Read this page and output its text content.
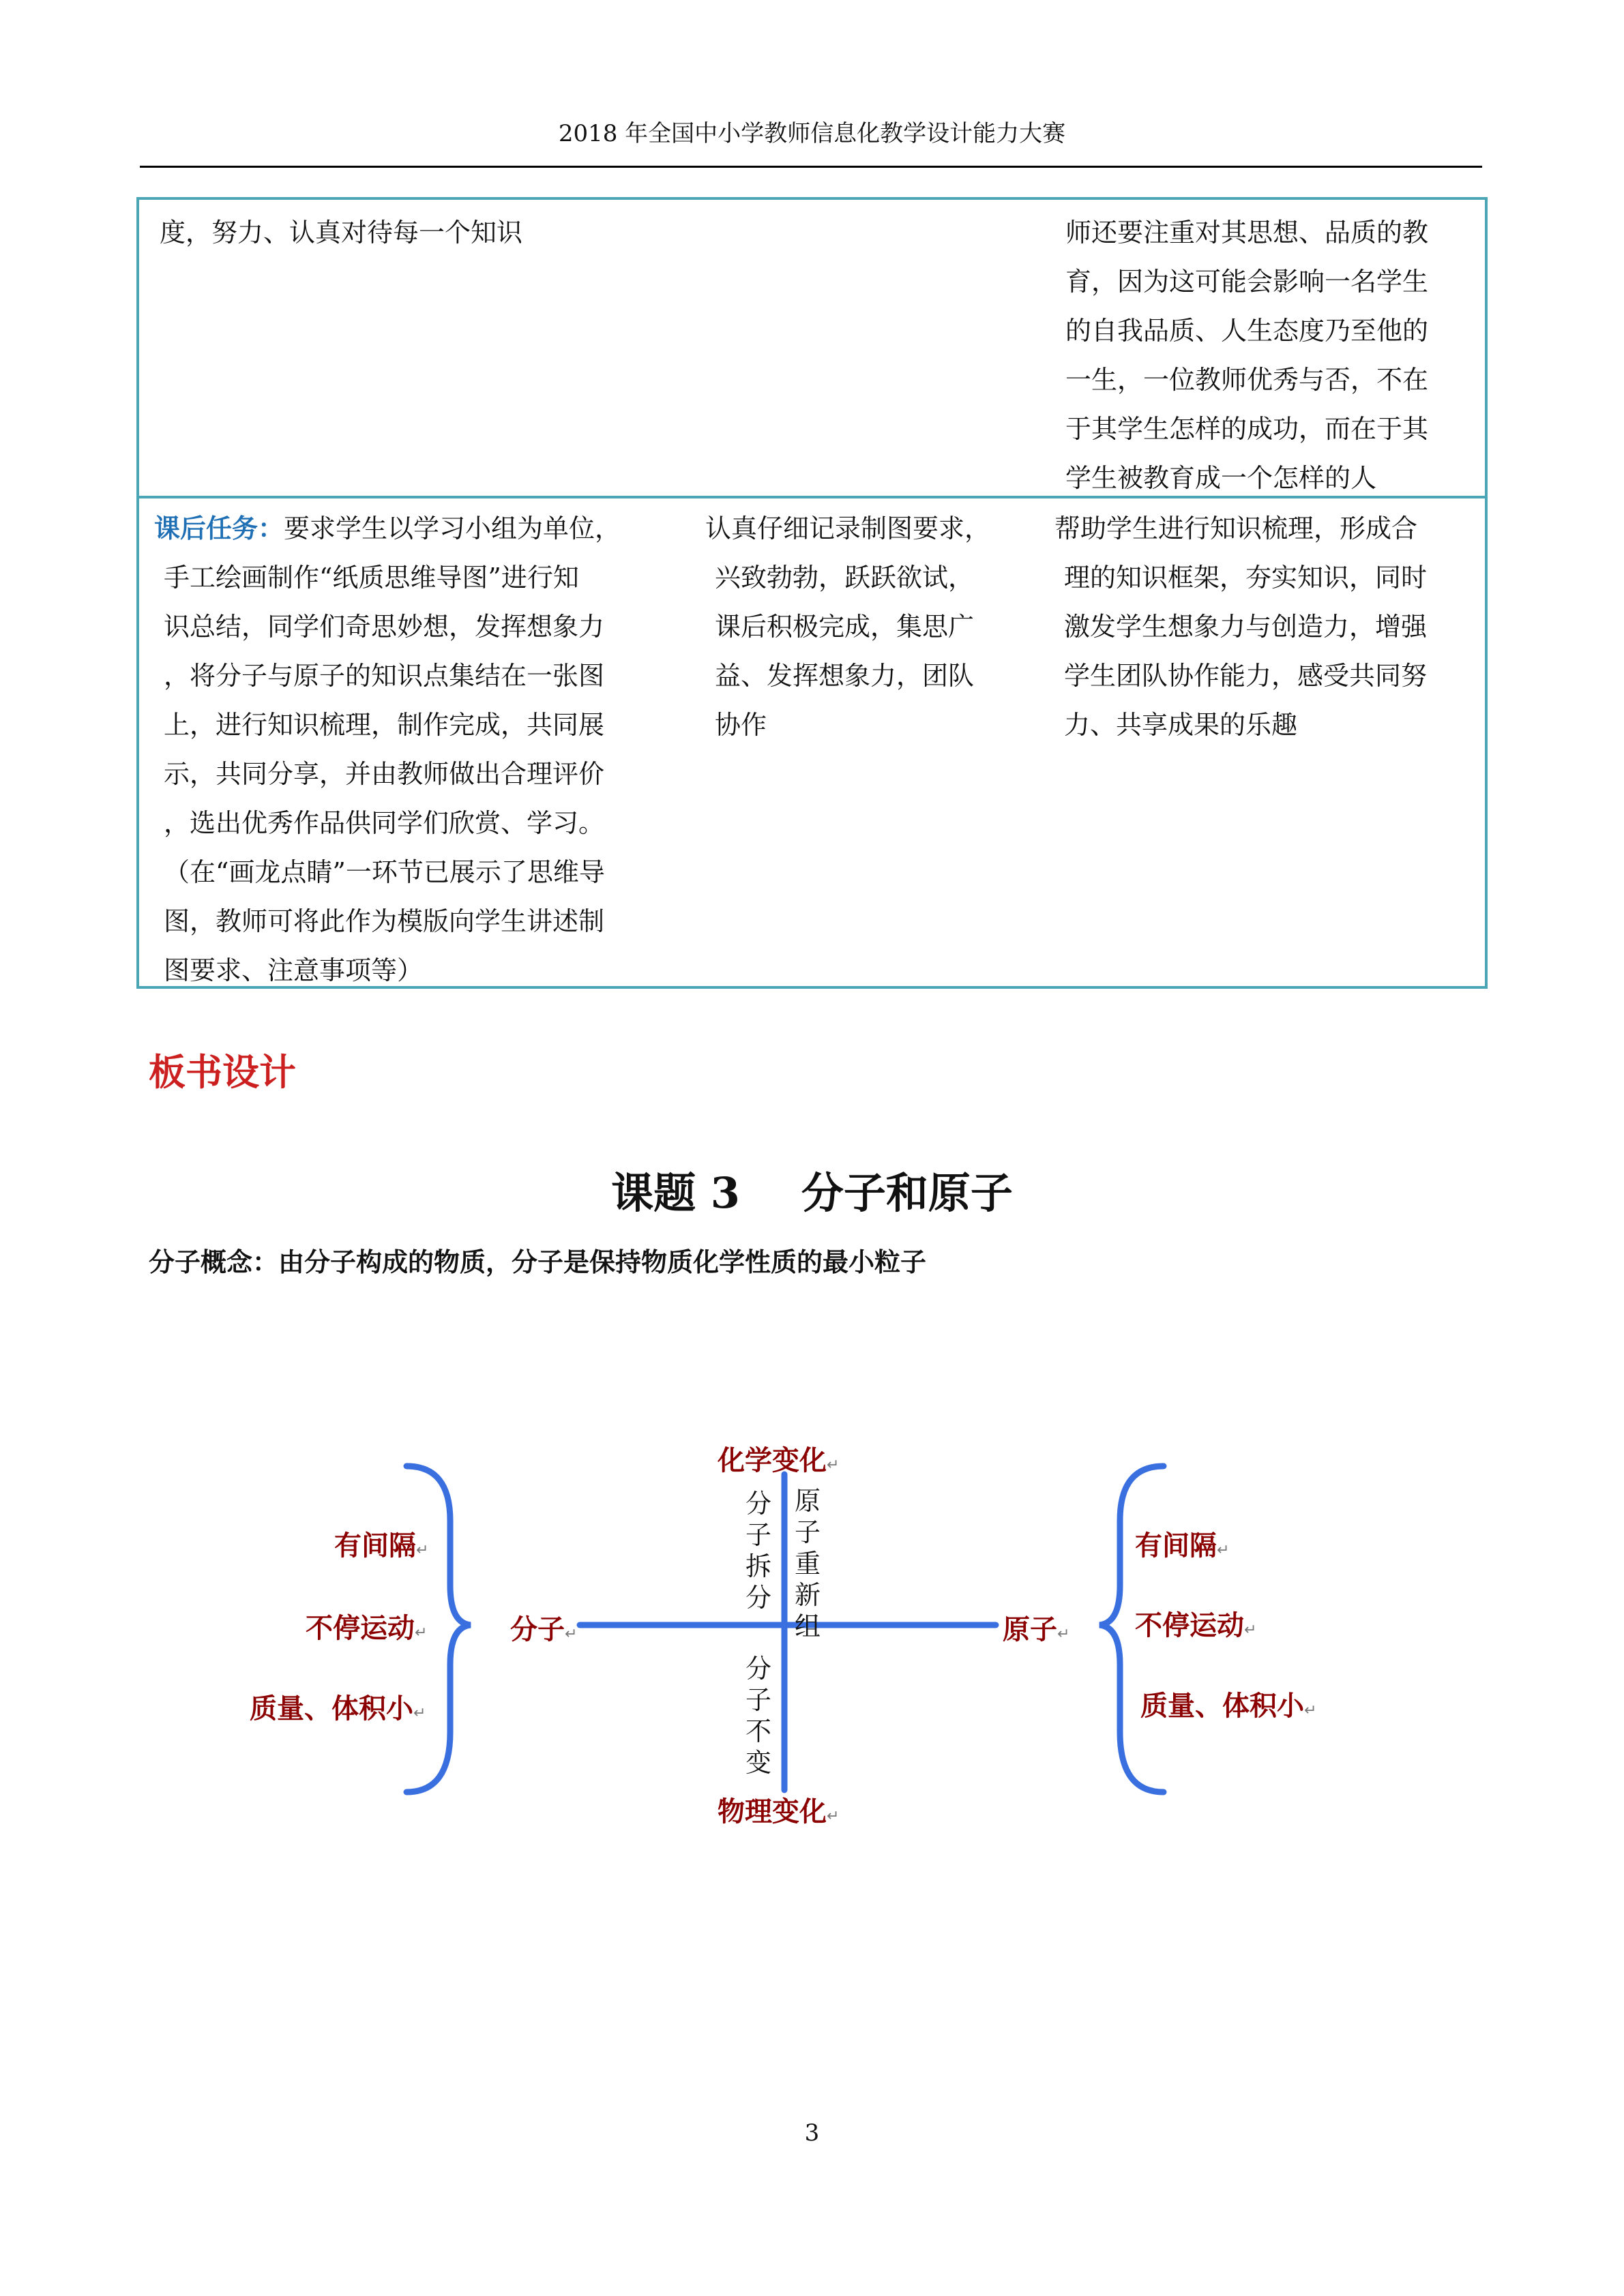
2018 年全国中小学教师信息化教学设计能力大赛

度，努力、认真对待每一个知识	师还要注重对其思想、品质的教

育，因为这可能会影响一名学生

的自我品质、人生态度乃至他的

一生，一位教师优秀与否，不在

于其学生怎样的成功，而在于其

学生被教育成一个怎样的人

课后任务：要求学生以学习小组为单位，

手工绘画制作“纸质思维导图”进行知

识总结，同学们奇思妙想，发挥想象力

，将分子与原子的知识点集结在一张图

上，进行知识梳理，制作完成，共同展

示，共同分享，并由教师做出合理评价

，选出优秀作品供同学们欣赏、学习。

（在“画龙点睛”一环节已展示了思维导

图，教师可将此作为模版向学生讲述制

图要求、注意事项等）

认真仔细记录制图要求，

兴致勃勃，跃跃欲试，

课后积极完成，集思广

益、发挥想象力，团队

协作

帮助学生进行知识梳理，形成合

理的知识框架，夯实知识，同时

激发学生想象力与创造力，增强

学生团队协作能力，感受共同努

力、共享成果的乐趣

板书设计
课题 3 分子和原子
分子概念：由分子构成的物质，分子是保持物质化学性质的最小粒子
化学变化↵
物理变化↵
分子↵	原子↵
有间隔↵
不停运动↵
质量、体积小↵
有间隔↵
不停运动↵
质量、体积小↵
分子拆分
原子重新组
分子不变
3
